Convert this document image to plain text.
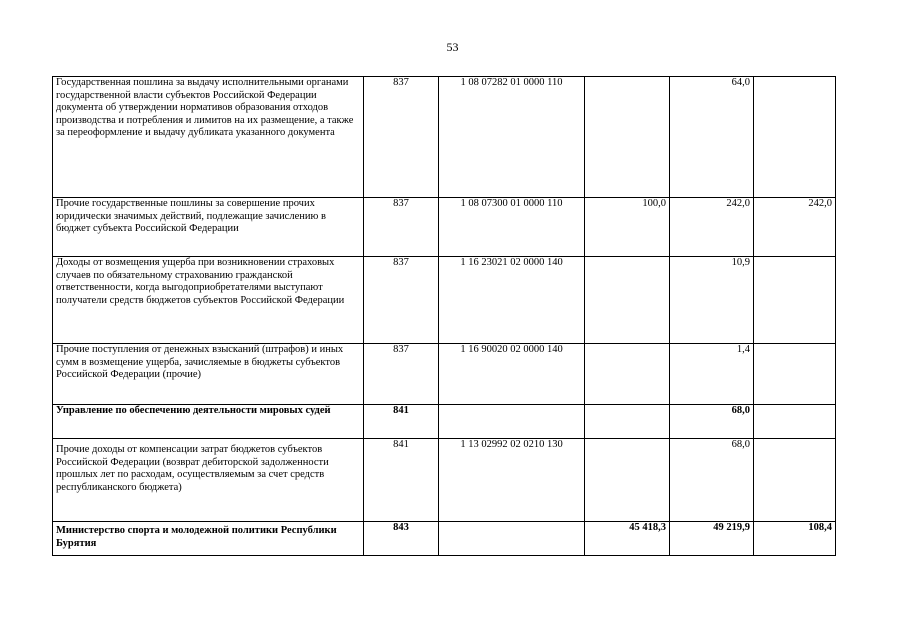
53
Государственная пошлина за выдачу исполнительными органами государственной власти субъектов Российской Федерации документа об утверждении нормативов образования отходов производства и потребления и лимитов на их размещение, а также за переоформление и выдачу дубликата указанного документа	837	1 08 07282 01 0000 110		64,0	
Прочие государственные пошлины за совершение прочих юридически значимых действий, подлежащие зачислению в бюджет субъекта Российской Федерации	837	1 08 07300 01 0000 110	100,0	242,0	242,0
Доходы от возмещения ущерба при возникновении страховых случаев по обязательному страхованию гражданской ответственности, когда выгодоприобретателями выступают получатели средств бюджетов субъектов Российской Федерации	837	1 16 23021 02 0000 140		10,9	
Прочие поступления от денежных взысканий (штрафов) и иных сумм в возмещение ущерба, зачисляемые в бюджеты субъектов Российской Федерации (прочие)	837	1 16 90020 02 0000 140		1,4	
Управление по обеспечению деятельности мировых судей	841			68,0	
Прочие доходы от компенсации затрат бюджетов субъектов Российской Федерации (возврат дебиторской задолженности прошлых лет по расходам, осуществляемым за счет средств республиканского бюджета)	841	1 13 02992 02 0210 130		68,0	
Министерство спорта и молодежной политики Республики Бурятия	843		45 418,3	49 219,9	108,4
